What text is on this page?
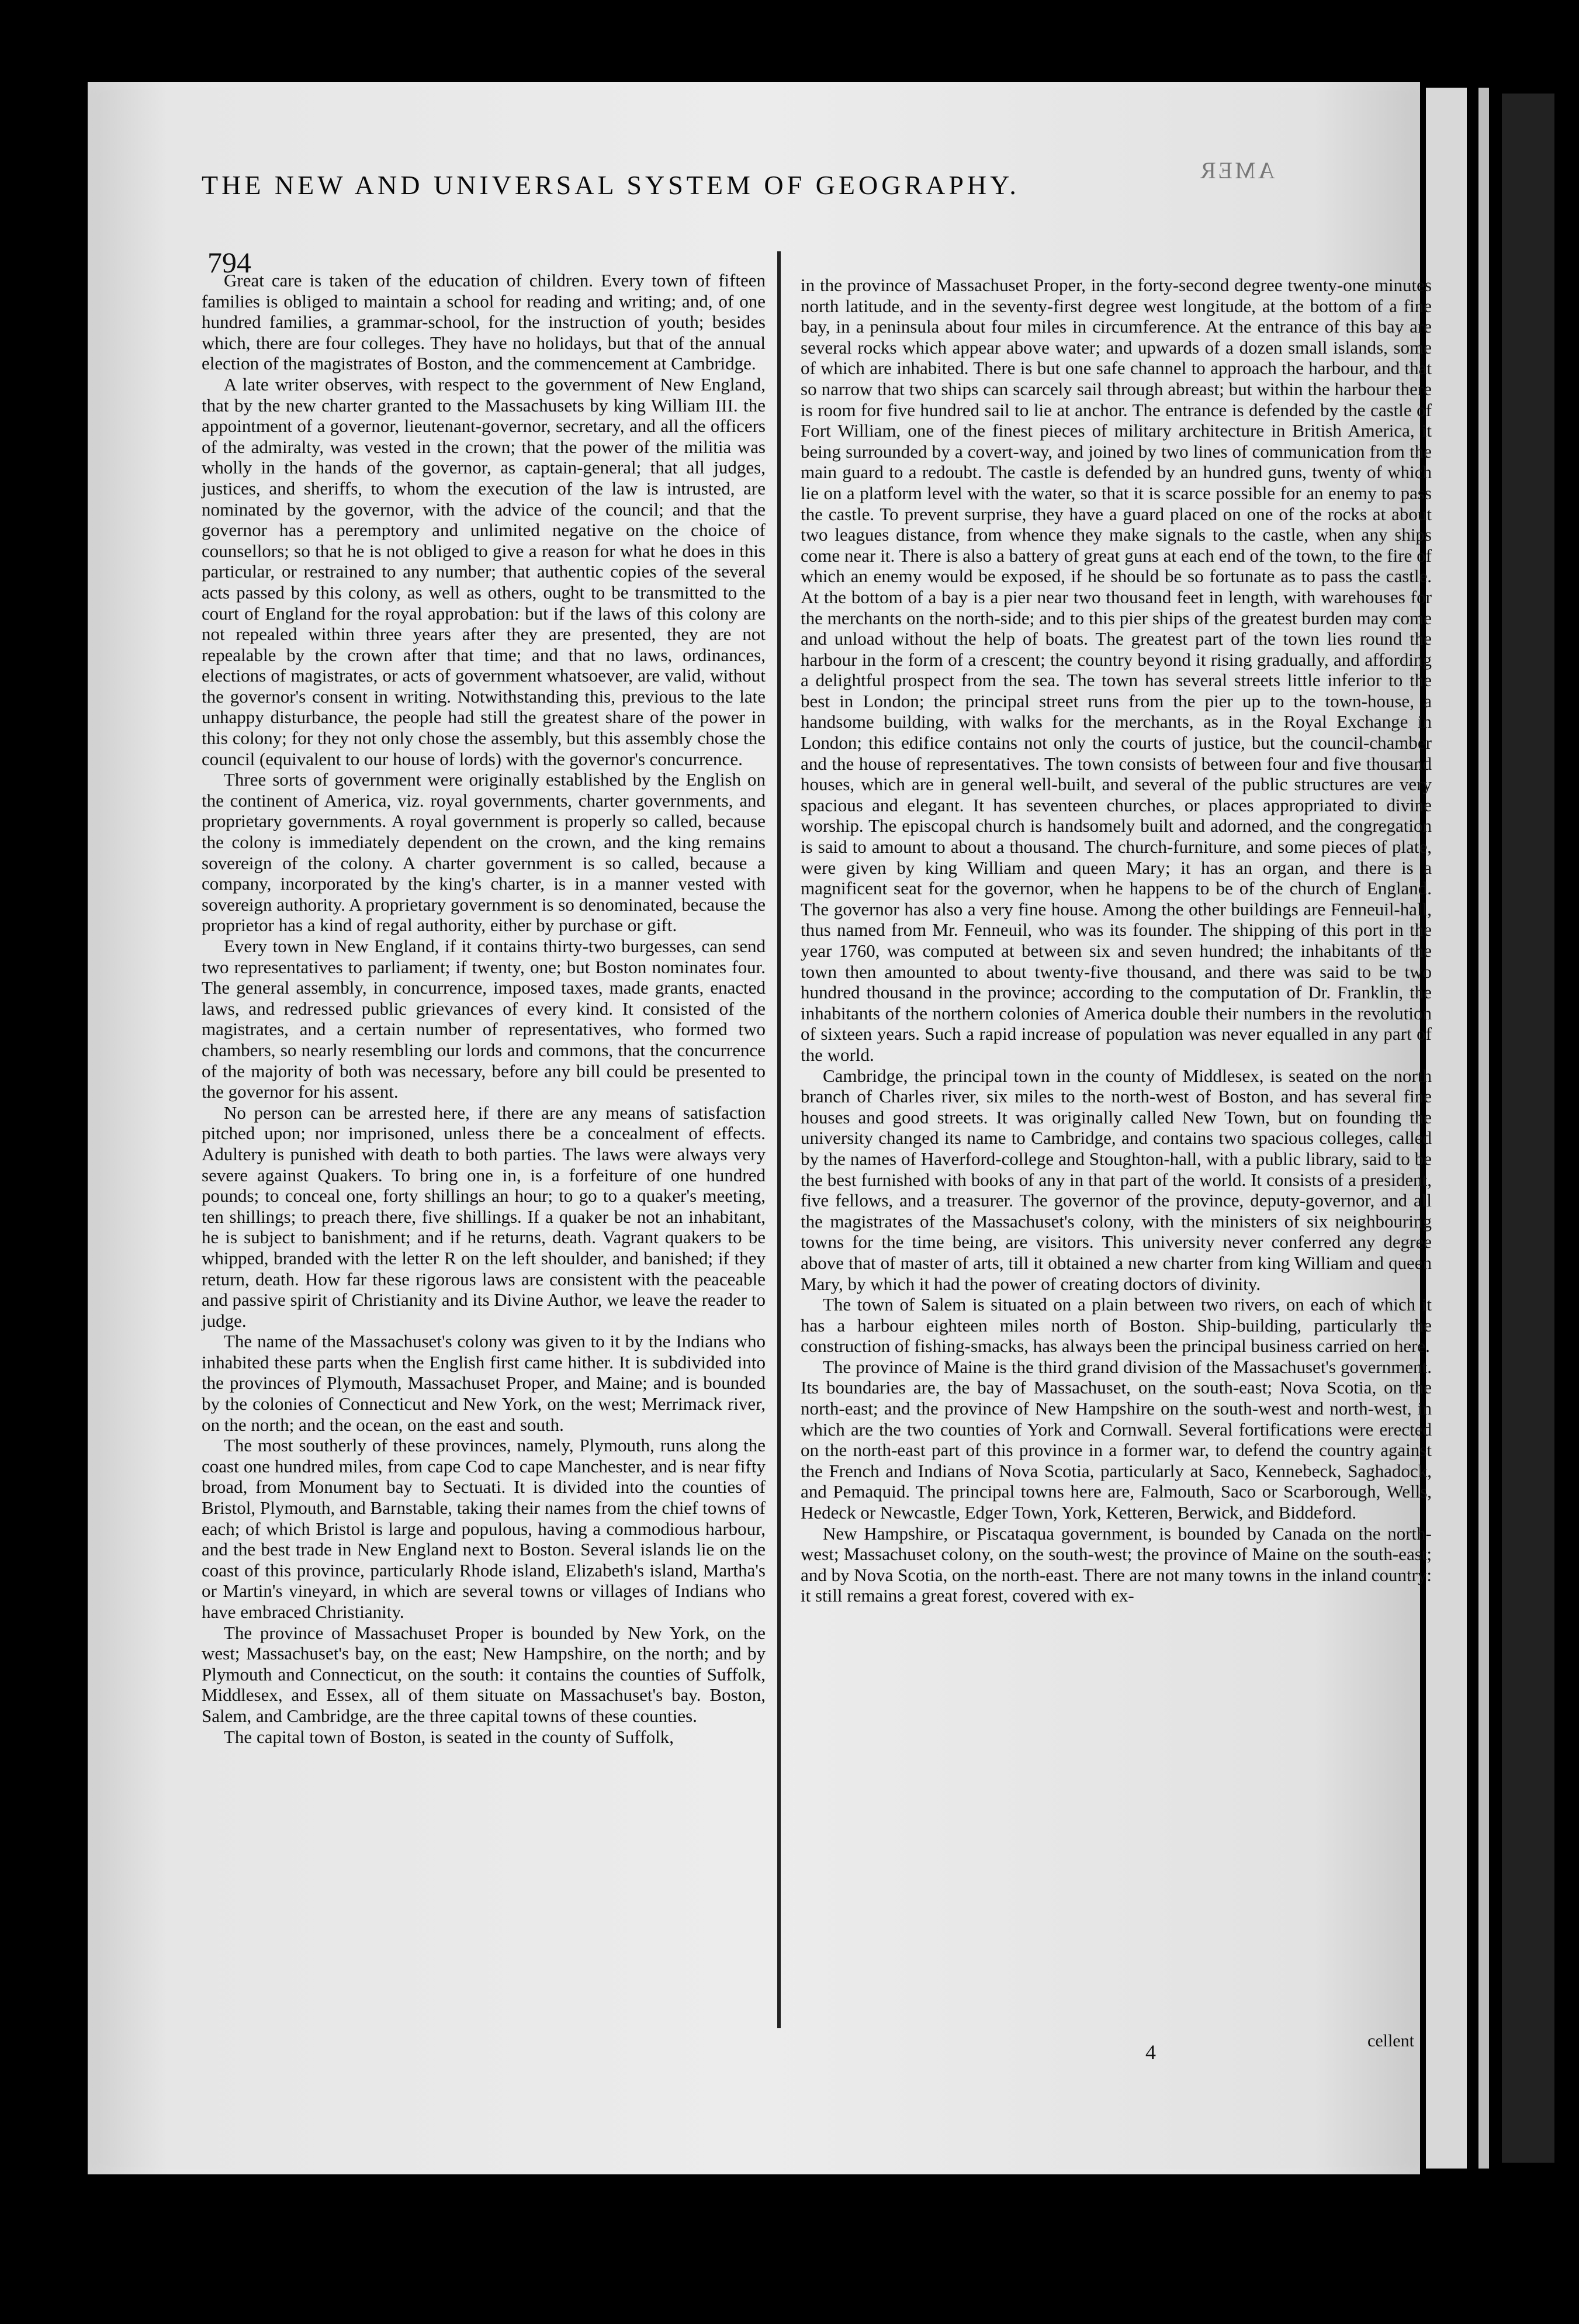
AMER
THE NEW AND UNIVERSAL SYSTEM OF GEOGRAPHY.
794

Great care is taken of the education of children. Every town of fifteen families is obliged to maintain a school for reading and writing; and, of one hundred families, a grammar-school, for the instruction of youth; besides which, there are four colleges. They have no holidays, but that of the annual election of the magistrates of Boston, and the commencement at Cambridge.

A late writer observes, with respect to the government of New England, that by the new charter granted to the Massachusets by king William III. the appointment of a governor, lieutenant-governor, secretary, and all the officers of the admiralty, was vested in the crown; that the power of the militia was wholly in the hands of the governor, as captain-general; that all judges, justices, and sheriffs, to whom the execution of the law is intrusted, are nominated by the governor, with the advice of the council; and that the governor has a peremptory and unlimited negative on the choice of counsellors; so that he is not obliged to give a reason for what he does in this particular, or restrained to any number; that authentic copies of the several acts passed by this colony, as well as others, ought to be transmitted to the court of England for the royal approbation: but if the laws of this colony are not repealed within three years after they are presented, they are not repealable by the crown after that time; and that no laws, ordinances, elections of magistrates, or acts of government whatsoever, are valid, without the governor's consent in writing. Notwithstanding this, previous to the late unhappy disturbance, the people had still the greatest share of the power in this colony; for they not only chose the assembly, but this assembly chose the council (equivalent to our house of lords) with the governor's concurrence.

Three sorts of government were originally established by the English on the continent of America, viz. royal governments, charter governments, and proprietary governments. A royal government is properly so called, because the colony is immediately dependent on the crown, and the king remains sovereign of the colony. A charter government is so called, because a company, incorporated by the king's charter, is in a manner vested with sovereign authority. A proprietary government is so denominated, because the proprietor has a kind of regal authority, either by purchase or gift.

Every town in New England, if it contains thirty-two burgesses, can send two representatives to parliament; if twenty, one; but Boston nominates four. The general assembly, in concurrence, imposed taxes, made grants, enacted laws, and redressed public grievances of every kind. It consisted of the magistrates, and a certain number of representatives, who formed two chambers, so nearly resembling our lords and commons, that the concurrence of the majority of both was necessary, before any bill could be presented to the governor for his assent.

No person can be arrested here, if there are any means of satisfaction pitched upon; nor imprisoned, unless there be a concealment of effects. Adultery is punished with death to both parties. The laws were always very severe against Quakers. To bring one in, is a forfeiture of one hundred pounds; to conceal one, forty shillings an hour; to go to a quaker's meeting, ten shillings; to preach there, five shillings. If a quaker be not an inhabitant, he is subject to banishment; and if he returns, death. Vagrant quakers to be whipped, branded with the letter R on the left shoulder, and banished; if they return, death. How far these rigorous laws are consistent with the peaceable and passive spirit of Christianity and its Divine Author, we leave the reader to judge.

The name of the Massachuset's colony was given to it by the Indians who inhabited these parts when the English first came hither. It is subdivided into the provinces of Plymouth, Massachuset Proper, and Maine; and is bounded by the colonies of Connecticut and New York, on the west; Merrimack river, on the north; and the ocean, on the east and south.

The most southerly of these provinces, namely, Plymouth, runs along the coast one hundred miles, from cape Cod to cape Manchester, and is near fifty broad, from Monument bay to Sectuati. It is divided into the counties of Bristol, Plymouth, and Barnstable, taking their names from the chief towns of each; of which Bristol is large and populous, having a commodious harbour, and the best trade in New England next to Boston. Several islands lie on the coast of this province, particularly Rhode island, Elizabeth's island, Martha's or Martin's vineyard, in which are several towns or villages of Indians who have embraced Christianity.

The province of Massachuset Proper is bounded by New York, on the west; Massachuset's bay, on the east; New Hampshire, on the north; and by Plymouth and Connecticut, on the south: it contains the counties of Suffolk, Middlesex, and Essex, all of them situate on Massachuset's bay. Boston, Salem, and Cambridge, are the three capital towns of these counties.

The capital town of Boston, is seated in the county of Suffolk,

in the province of Massachuset Proper, in the forty-second degree twenty-one minutes north latitude, and in the seventy-first degree west longitude, at the bottom of a fine bay, in a peninsula about four miles in circumference. At the entrance of this bay are several rocks which appear above water; and upwards of a dozen small islands, some of which are inhabited. There is but one safe channel to approach the harbour, and that so narrow that two ships can scarcely sail through abreast; but within the harbour there is room for five hundred sail to lie at anchor. The entrance is defended by the castle of Fort William, one of the finest pieces of military architecture in British America, it being surrounded by a covert-way, and joined by two lines of communication from the main guard to a redoubt. The castle is defended by an hundred guns, twenty of which lie on a platform level with the water, so that it is scarce possible for an enemy to pass the castle. To prevent surprise, they have a guard placed on one of the rocks at about two leagues distance, from whence they make signals to the castle, when any ships come near it. There is also a battery of great guns at each end of the town, to the fire of which an enemy would be exposed, if he should be so fortunate as to pass the castle. At the bottom of a bay is a pier near two thousand feet in length, with warehouses for the merchants on the north-side; and to this pier ships of the greatest burden may come and unload without the help of boats. The greatest part of the town lies round the harbour in the form of a crescent; the country beyond it rising gradually, and affording a delightful prospect from the sea. The town has several streets little inferior to the best in London; the principal street runs from the pier up to the town-house, a handsome building, with walks for the merchants, as in the Royal Exchange in London; this edifice contains not only the courts of justice, but the council-chamber and the house of representatives. The town consists of between four and five thousand houses, which are in general well-built, and several of the public structures are very spacious and elegant. It has seventeen churches, or places appropriated to divine worship. The episcopal church is handsomely built and adorned, and the congregation is said to amount to about a thousand. The church-furniture, and some pieces of plate, were given by king William and queen Mary; it has an organ, and there is a magnificent seat for the governor, when he happens to be of the church of England. The governor has also a very fine house. Among the other buildings are Fenneuil-hall, thus named from Mr. Fenneuil, who was its founder. The shipping of this port in the year 1760, was computed at between six and seven hundred; the inhabitants of the town then amounted to about twenty-five thousand, and there was said to be two hundred thousand in the province; according to the computation of Dr. Franklin, the inhabitants of the northern colonies of America double their numbers in the revolution of sixteen years. Such a rapid increase of population was never equalled in any part of the world.

Cambridge, the principal town in the county of Middlesex, is seated on the north branch of Charles river, six miles to the north-west of Boston, and has several fine houses and good streets. It was originally called New Town, but on founding the university changed its name to Cambridge, and contains two spacious colleges, called by the names of Haverford-college and Stoughton-hall, with a public library, said to be the best furnished with books of any in that part of the world. It consists of a president, five fellows, and a treasurer. The governor of the province, deputy-governor, and all the magistrates of the Massachuset's colony, with the ministers of six neighbouring towns for the time being, are visitors. This university never conferred any degree above that of master of arts, till it obtained a new charter from king William and queen Mary, by which it had the power of creating doctors of divinity.

The town of Salem is situated on a plain between two rivers, on each of which it has a harbour eighteen miles north of Boston. Ship-building, particularly the construction of fishing-smacks, has always been the principal business carried on here.

The province of Maine is the third grand division of the Massachuset's government. Its boundaries are, the bay of Massachuset, on the south-east; Nova Scotia, on the north-east; and the province of New Hampshire on the south-west and north-west, in which are the two counties of York and Cornwall. Several fortifications were erected on the north-east part of this province in a former war, to defend the country against the French and Indians of Nova Scotia, particularly at Saco, Kennebeck, Saghadock, and Pemaquid. The principal towns here are, Falmouth, Saco or Scarborough, Wells, Hedeck or Newcastle, Edger Town, York, Ketteren, Berwick, and Biddeford.

New Hampshire, or Piscataqua government, is bounded by Canada on the north-west; Massachuset colony, on the south-west; the province of Maine on the south-east; and by Nova Scotia, on the north-east. There are not many towns in the inland country: it still remains a great forest, covered with ex-

4	cellent
